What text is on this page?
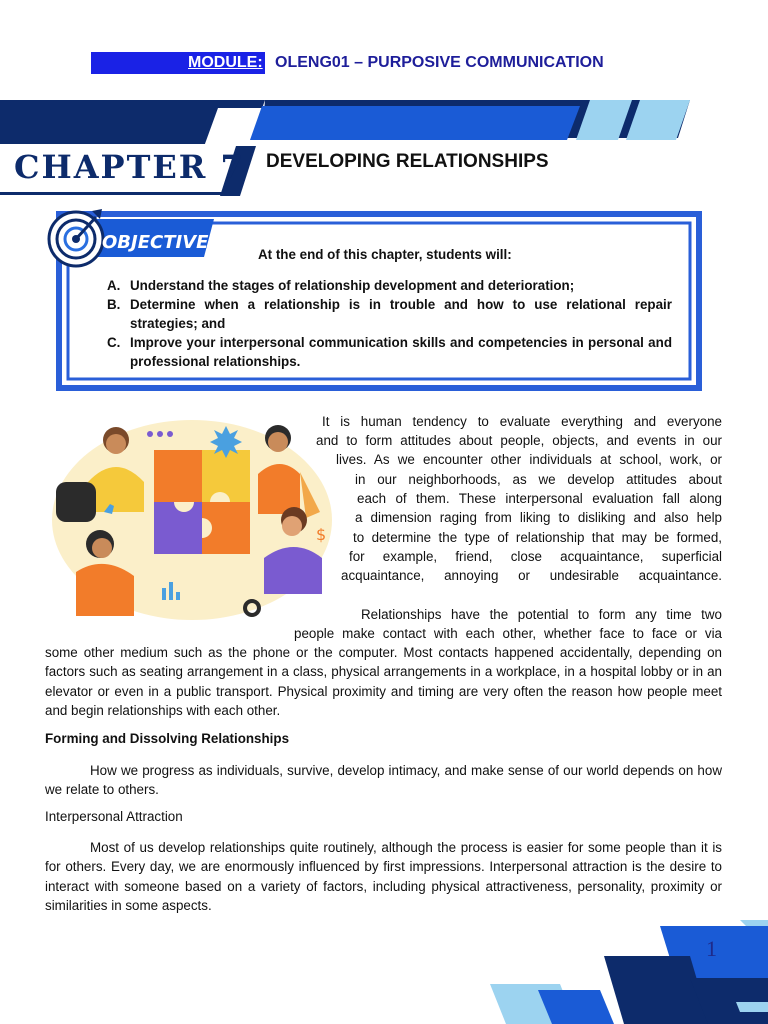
MODULE: OLENG01 – PURPOSIVE COMMUNICATION
CHAPTER 7 DEVELOPING RELATIONSHIPS
OBJECTIVES
At the end of this chapter, students will:
A. Understand the stages of relationship development and deterioration;
B. Determine when a relationship is in trouble and how to use relational repair strategies; and
C. Improve your interpersonal communication skills and competencies in personal and professional relationships.
$
It is human tendency to evaluate everything and everyone
and to form attitudes about people, objects, and events in our
lives. As we encounter other individuals at school, work, or
in our neighborhoods, as we develop attitudes about
each of them. These interpersonal evaluation fall along
a dimension raging from liking to disliking and also help
to determine the type of relationship that may be formed,
for example, friend, close acquaintance, superficial
acquaintance, annoying or undesirable acquaintance.
Relationships have the potential to form any time two
people make contact with each other, whether face to face or via
some other medium such as the phone or the computer. Most contacts happened accidentally, depending on factors such as seating arrangement in a class, physical arrangements in a workplace, in a hospital lobby or in an elevator or even in a public transport. Physical proximity and timing are very often the reason how people meet and begin relationships with each other.
Forming and Dissolving Relationships
How we progress as individuals, survive, develop intimacy, and make sense of our world depends on how we relate to others.
Interpersonal Attraction
Most of us develop relationships quite routinely, although the process is easier for some people than it is for others. Every day, we are enormously influenced by first impressions. Interpersonal attraction is the desire to interact with someone based on a variety of factors, including physical attractiveness, personality, proximity or similarities in some aspects.
1
